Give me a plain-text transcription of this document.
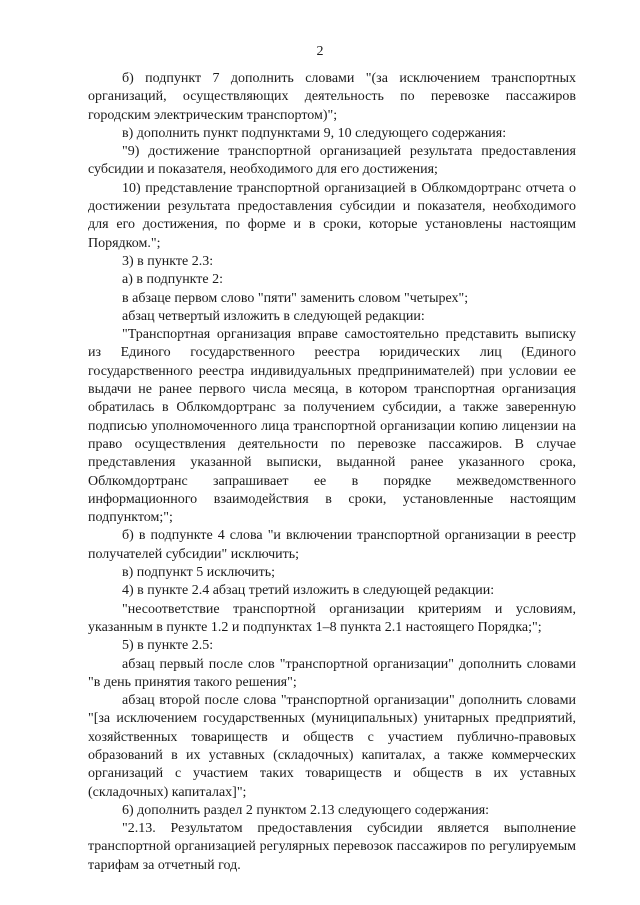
2

б) подпункт 7 дополнить словами "(за исключением транспортных организаций, осуществляющих деятельность по перевозке пассажиров городским электрическим транспортом)";

в) дополнить пункт подпунктами 9, 10 следующего содержания:

"9) достижение транспортной организацией результата предоставления субсидии и показателя, необходимого для его достижения;

10) представление транспортной организацией в Облкомдортранс отчета о достижении результата предоставления субсидии и показателя, необходимого для его достижения, по форме и в сроки, которые установлены настоящим Порядком.";

3) в пункте 2.3:

а) в подпункте 2:

в абзаце первом слово "пяти" заменить словом "четырех";

абзац четвертый изложить в следующей редакции:

"Транспортная организация вправе самостоятельно представить выписку из Единого государственного реестра юридических лиц (Единого государственного реестра индивидуальных предпринимателей) при условии ее выдачи не ранее первого числа месяца, в котором транспортная организация обратилась в Облкомдортранс за получением субсидии, а также заверенную подписью уполномоченного лица транспортной организации копию лицензии на право осуществления деятельности по перевозке пассажиров. В случае представления указанной выписки, выданной ранее указанного срока, Облкомдортранс запрашивает ее в порядке межведомственного информационного взаимодействия в сроки, установленные настоящим подпунктом;";

б) в подпункте 4 слова "и включении транспортной организации в реестр получателей субсидии" исключить;

в) подпункт 5 исключить;

4) в пункте 2.4 абзац третий изложить в следующей редакции:

"несоответствие транспортной организации критериям и условиям, указанным в пункте 1.2 и подпунктах 1–8 пункта 2.1 настоящего Порядка;";

5) в пункте 2.5:

абзац первый после слов "транспортной организации" дополнить словами "в день принятия такого решения";

абзац второй после слова "транспортной организации" дополнить словами "[за исключением государственных (муниципальных) унитарных предприятий, хозяйственных товариществ и обществ с участием публично-правовых образований в их уставных (складочных) капиталах, а также коммерческих организаций с участием таких товариществ и обществ в их уставных (складочных) капиталах]";

6) дополнить раздел 2 пунктом 2.13 следующего содержания:

"2.13. Результатом предоставления субсидии является выполнение транспортной организацией регулярных перевозок пассажиров по регулируемым тарифам за отчетный год.
